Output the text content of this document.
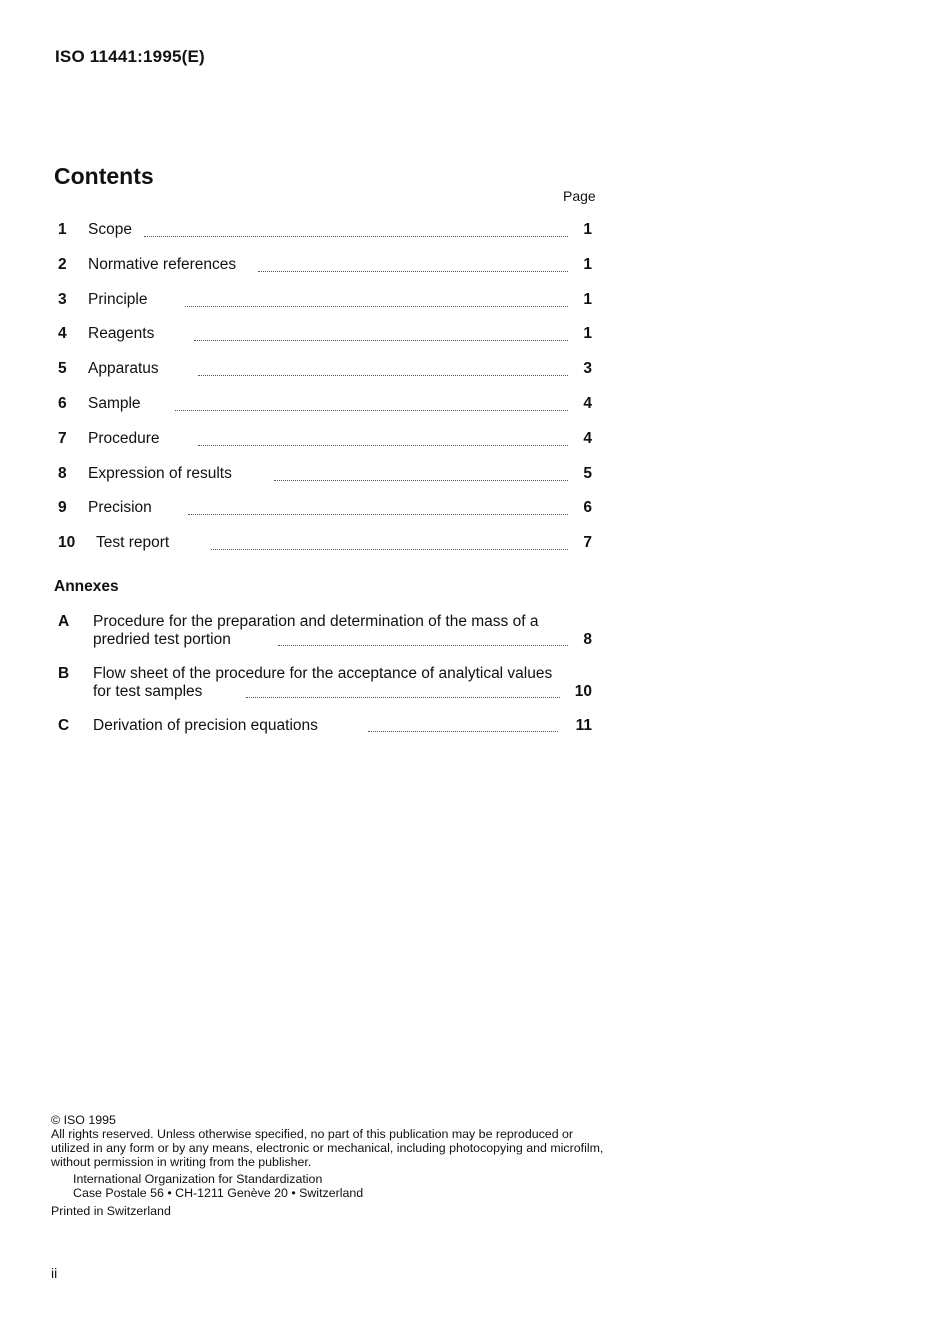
ISO 11441:1995(E)
Contents
Page
1 Scope	1
2 Normative references	1
3 Principle	1
4 Reagents	1
5 Apparatus	3
6 Sample	4
7 Procedure	4
8 Expression of results	5
9 Precision	6
10 Test report	7
Annexes
A Procedure for the preparation and determination of the mass of a
predried test portion	8
B Flow sheet of the procedure for the acceptance of analytical values
for test samples	10
C Derivation of precision equations	11

© ISO 1995

All rights reserved. Unless otherwise specified, no part of this publication may be reproduced or utilized in any form or by any means, electronic or mechanical, including photocopying and microfilm, without permission in writing from the publisher.

International Organization for Standardization

Case Postale 56 • CH-1211 Genève 20 • Switzerland

Printed in Switzerland

ii
